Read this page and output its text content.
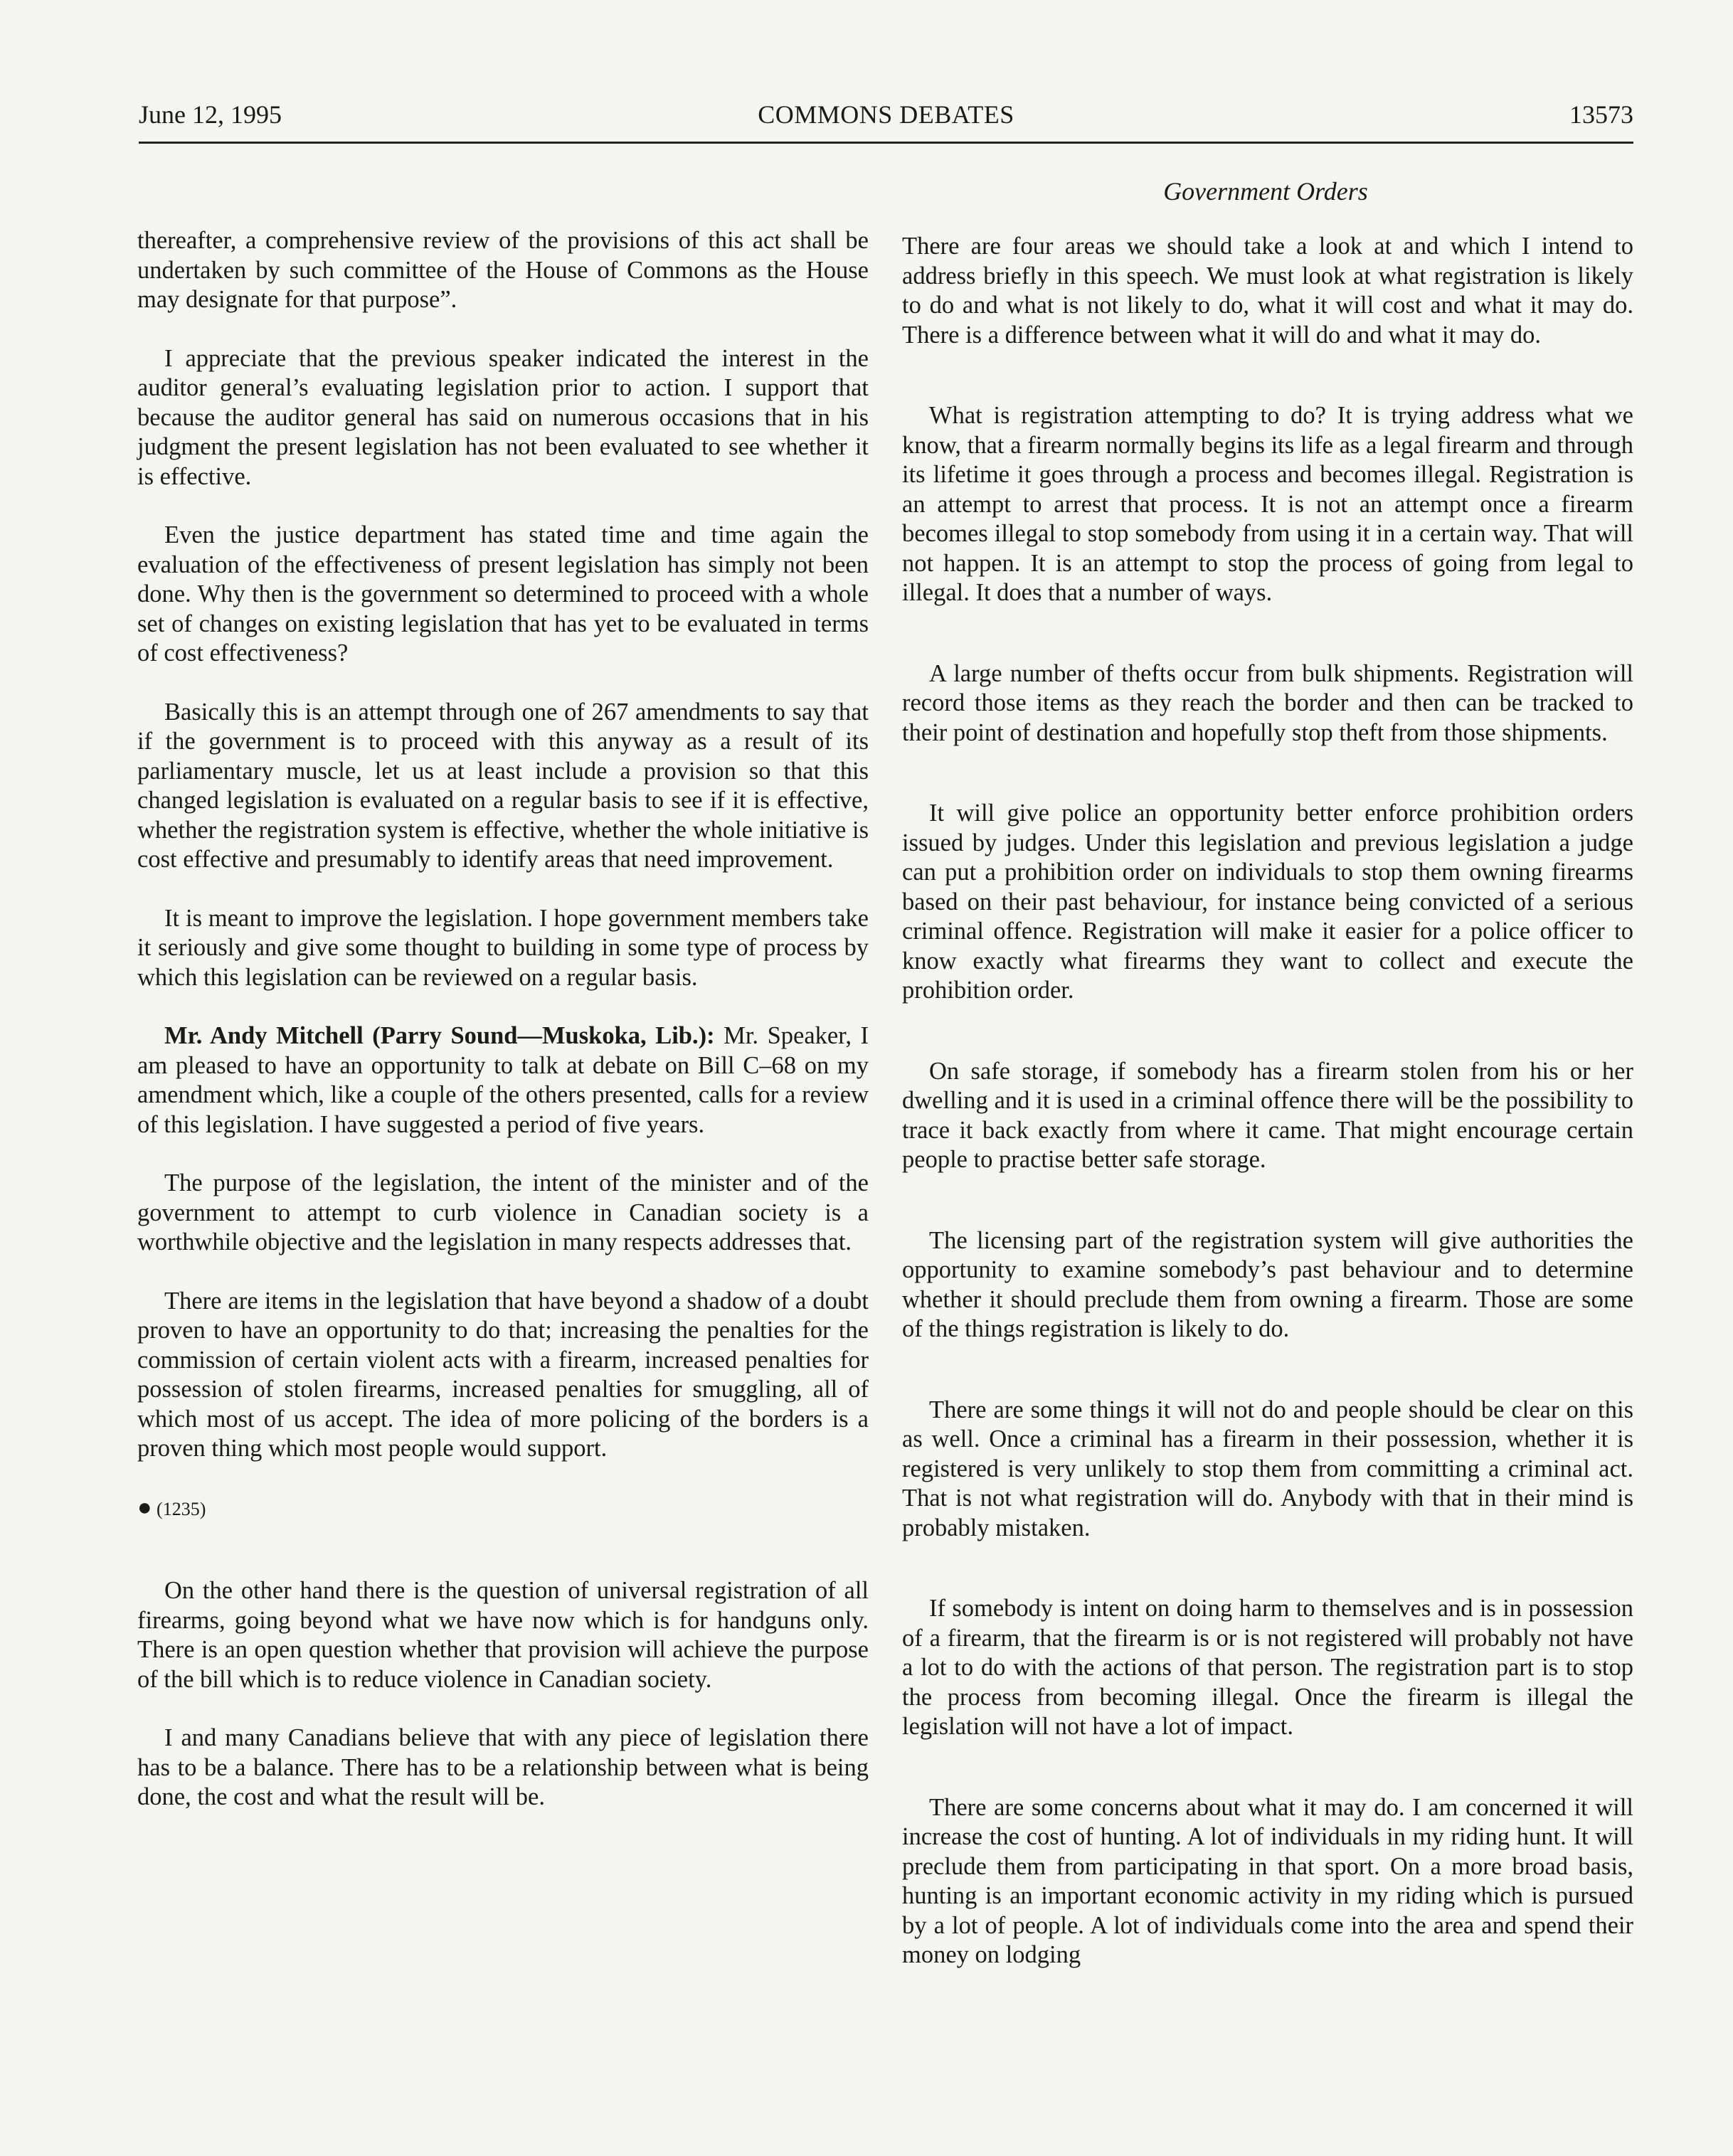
June 12, 1995	COMMONS DEBATES	13573
Government Orders

thereafter, a comprehensive review of the provisions of this act shall be undertaken by such committee of the House of Commons as the House may designate for that purpose”.

I appreciate that the previous speaker indicated the interest in the auditor general’s evaluating legislation prior to action. I support that because the auditor general has said on numerous occasions that in his judgment the present legislation has not been evaluated to see whether it is effective.

Even the justice department has stated time and time again the evaluation of the effectiveness of present legislation has simply not been done. Why then is the government so determined to proceed with a whole set of changes on existing legislation that has yet to be evaluated in terms of cost effectiveness?

Basically this is an attempt through one of 267 amendments to say that if the government is to proceed with this anyway as a result of its parliamentary muscle, let us at least include a provision so that this changed legislation is evaluated on a regular basis to see if it is effective, whether the registration system is effective, whether the whole initiative is cost effective and presumably to identify areas that need improvement.

It is meant to improve the legislation. I hope government members take it seriously and give some thought to building in some type of process by which this legislation can be reviewed on a regular basis.

Mr. Andy Mitchell (Parry Sound—Muskoka, Lib.): Mr. Speaker, I am pleased to have an opportunity to talk at debate on Bill C–68 on my amendment which, like a couple of the others presented, calls for a review of this legislation. I have suggested a period of five years.

The purpose of the legislation, the intent of the minister and of the government to attempt to curb violence in Canadian society is a worthwhile objective and the legislation in many respects addresses that.

There are items in the legislation that have beyond a shadow of a doubt proven to have an opportunity to do that; increasing the penalties for the commission of certain violent acts with a firearm, increased penalties for possession of stolen firearms, increased penalties for smuggling, all of which most of us accept. The idea of more policing of the borders is a proven thing which most people would support.

● (1235)

On the other hand there is the question of universal registration of all firearms, going beyond what we have now which is for handguns only. There is an open question whether that provision will achieve the purpose of the bill which is to reduce violence in Canadian society.

I and many Canadians believe that with any piece of legislation there has to be a balance. There has to be a relationship between what is being done, the cost and what the result will be.

There are four areas we should take a look at and which I intend to address briefly in this speech. We must look at what registration is likely to do and what is not likely to do, what it will cost and what it may do. There is a difference between what it will do and what it may do.

What is registration attempting to do? It is trying address what we know, that a firearm normally begins its life as a legal firearm and through its lifetime it goes through a process and becomes illegal. Registration is an attempt to arrest that process. It is not an attempt once a firearm becomes illegal to stop somebody from using it in a certain way. That will not happen. It is an attempt to stop the process of going from legal to illegal. It does that a number of ways.

A large number of thefts occur from bulk shipments. Registration will record those items as they reach the border and then can be tracked to their point of destination and hopefully stop theft from those shipments.

It will give police an opportunity better enforce prohibition orders issued by judges. Under this legislation and previous legislation a judge can put a prohibition order on individuals to stop them owning firearms based on their past behaviour, for instance being convicted of a serious criminal offence. Registration will make it easier for a police officer to know exactly what firearms they want to collect and execute the prohibition order.

On safe storage, if somebody has a firearm stolen from his or her dwelling and it is used in a criminal offence there will be the possibility to trace it back exactly from where it came. That might encourage certain people to practise better safe storage.

The licensing part of the registration system will give authorities the opportunity to examine somebody’s past behaviour and to determine whether it should preclude them from owning a firearm. Those are some of the things registration is likely to do.

There are some things it will not do and people should be clear on this as well. Once a criminal has a firearm in their possession, whether it is registered is very unlikely to stop them from committing a criminal act. That is not what registration will do. Anybody with that in their mind is probably mistaken.

If somebody is intent on doing harm to themselves and is in possession of a firearm, that the firearm is or is not registered will probably not have a lot to do with the actions of that person. The registration part is to stop the process from becoming illegal. Once the firearm is illegal the legislation will not have a lot of impact.

There are some concerns about what it may do. I am concerned it will increase the cost of hunting. A lot of individuals in my riding hunt. It will preclude them from participating in that sport. On a more broad basis, hunting is an important economic activity in my riding which is pursued by a lot of people. A lot of individuals come into the area and spend their money on lodging
